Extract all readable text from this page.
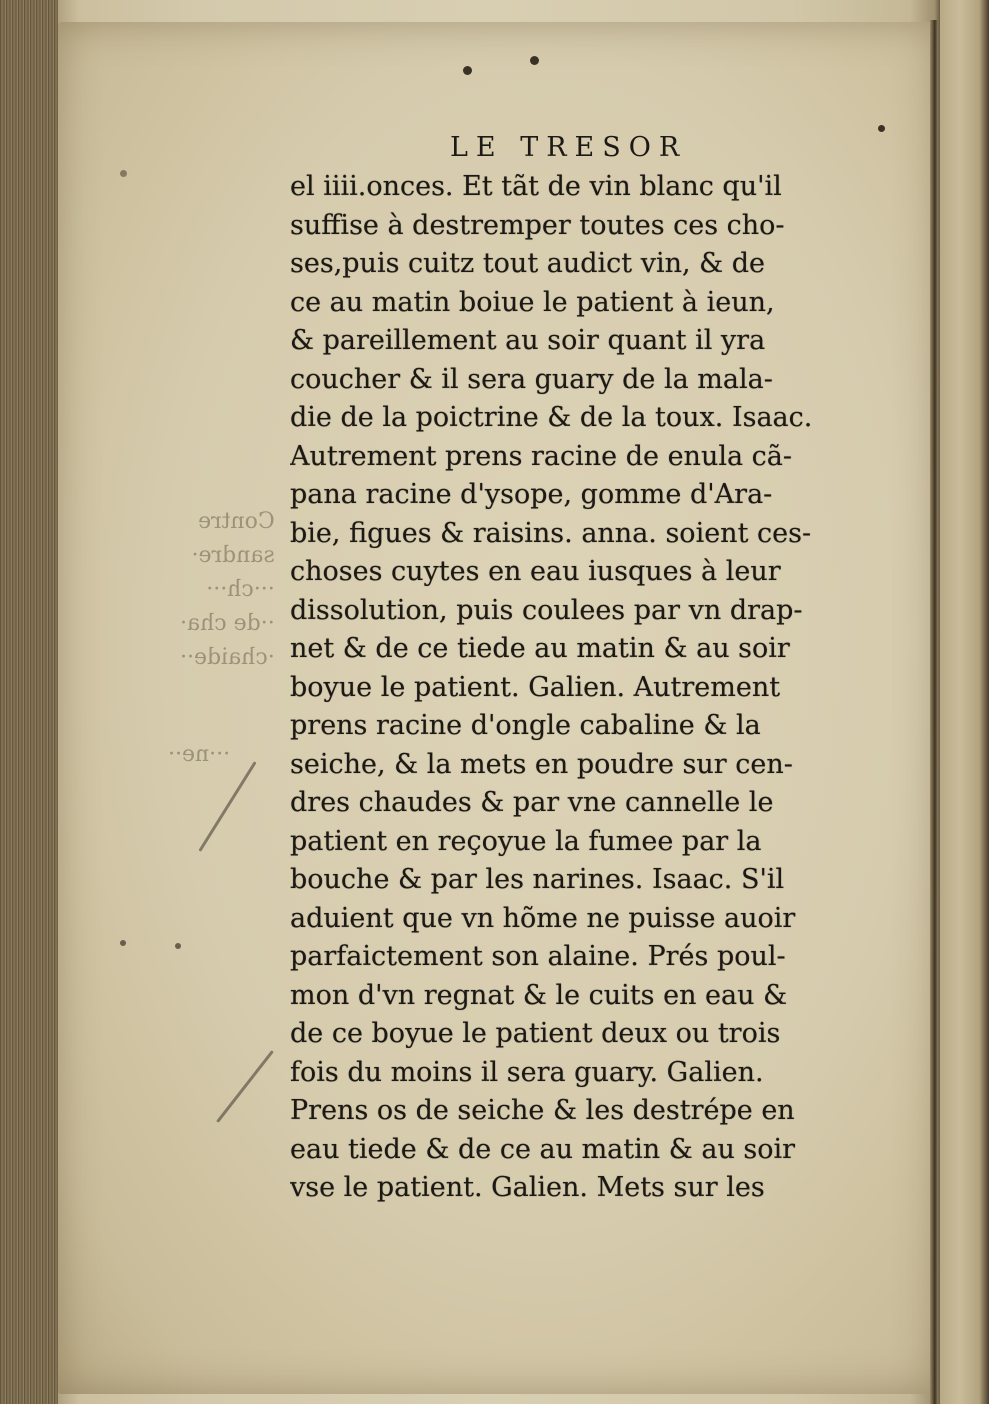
Contre
sandre·
···ch···
··de cha·
·chaide··
···ne··
LE TRESOR
el iiii.onces. Et tãt de vin blanc qu'il
suffise à destremper toutes ces cho-
ses,puis cuitz tout audict vin, & de
ce au matin boiue le patient à ieun,
& pareillement au soir quant il yra
coucher & il sera guary de la mala-
die de la poictrine & de la toux. Isaac.
Autrement prens racine de enula cã-
pana racine d'ysope, gomme d'Ara-
bie, figues & raisins. anna. soient ces-
choses cuytes en eau iusques à leur
dissolution, puis coulees par vn drap-
net & de ce tiede au matin & au soir
boyue le patient. Galien. Autrement
prens racine d'ongle cabaline & la
seiche, & la mets en poudre sur cen-
dres chaudes & par vne cannelle le
patient en reçoyue la fumee par la
bouche & par les narines. Isaac. S'il
aduient que vn hõme ne puisse auoir
parfaictement son alaine. Prés poul-
mon d'vn regnat & le cuits en eau &
de ce boyue le patient deux ou trois
fois du moins il sera guary. Galien.
Prens os de seiche & les destrépe en
eau tiede & de ce au matin & au soir
vse le patient. Galien. Mets sur les
